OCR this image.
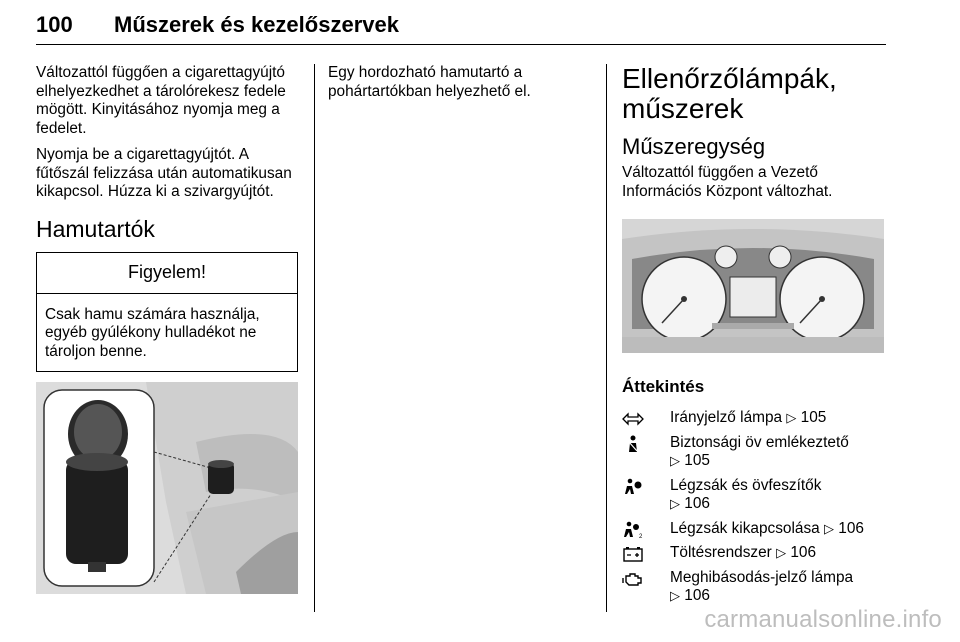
100 Műszerek és kezelőszervek

Változattól függően a cigarettagyújtó elhelyezkedhet a tárolórekesz fedele mögött. Kinyitásához nyomja meg a fedelet.

Nyomja be a cigarettagyújtót. A fűtőszál felizzása után automatikusan kikapcsol. Húzza ki a szivargyújtót.

Hamutartók
Figyelem!
Csak hamu számára használja, egyéb gyúlékony hulladékot ne tároljon benne.

Egy hordozható hamutartó a pohártartókban helyezhető el.	Ellenőrzőlámpák, műszerek
Műszeregység

Változattól függően a Vezető Információs Központ változhat.

Áttekintés
Irányjelző lámpa ▷ 105
Biztonsági öv emlékeztető
▷ 105
Légzsák és övfeszítők
▷ 106
2 Légzsák kikapcsolása ▷ 106
Töltésrendszer ▷ 106
Meghibásodás-jelző lámpa
▷ 106
carmanualsonline.info
